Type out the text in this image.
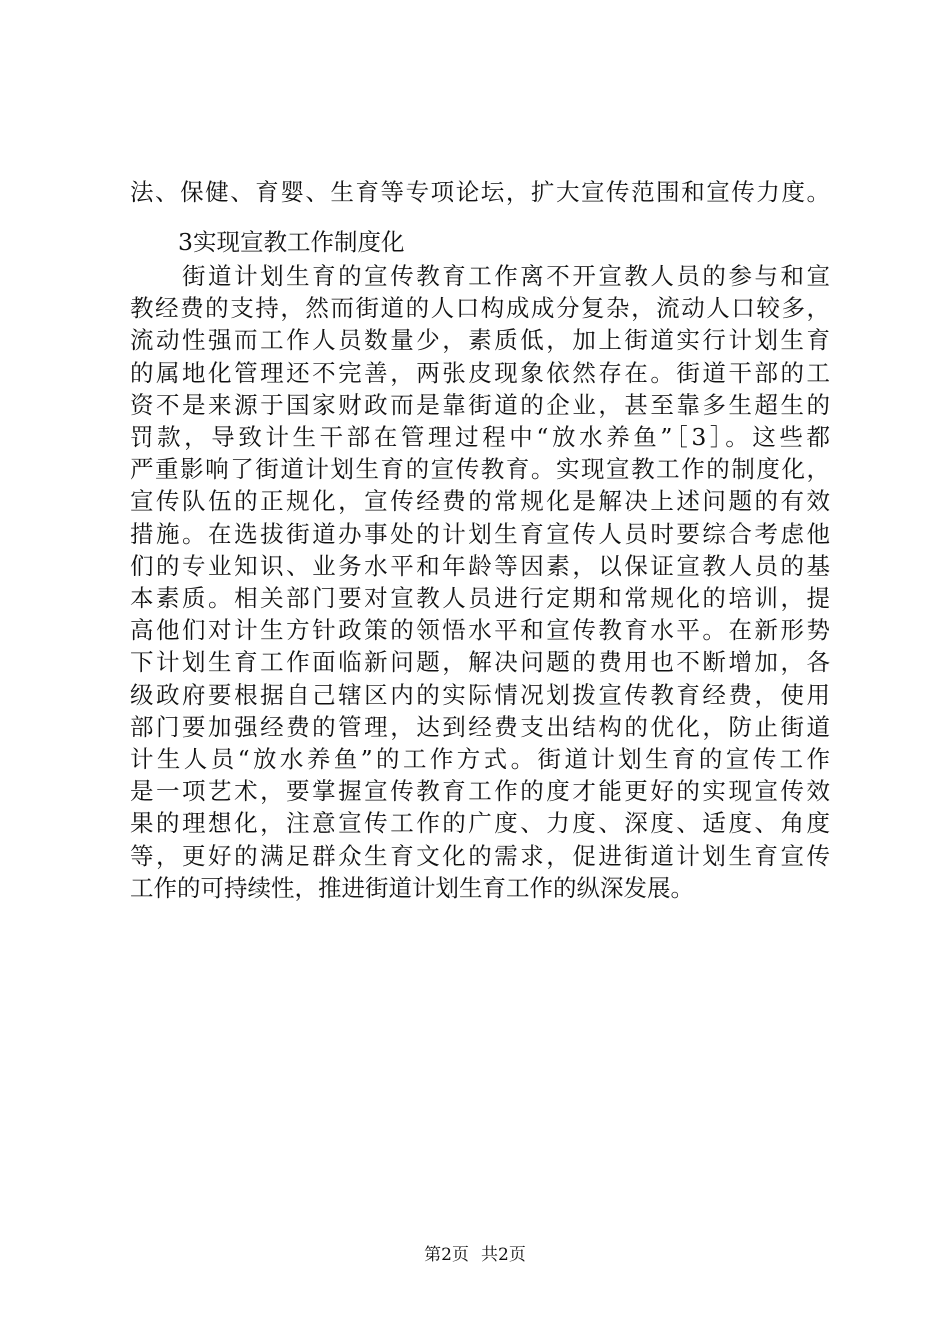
法、保健、育婴、生育等专项论坛，扩大宣传范围和宣传力度。
3实现宣教工作制度化
　　街道计划生育的宣传教育工作离不开宣教人员的参与和宣
教经费的支持，然而街道的人口构成成分复杂，流动人口较多，
流动性强而工作人员数量少，素质低，加上街道实行计划生育
的属地化管理还不完善，两张皮现象依然存在。街道干部的工
资不是来源于国家财政而是靠街道的企业，甚至靠多生超生的
罚款，导致计生干部在管理过程中“放水养鱼”［3］。这些都
严重影响了街道计划生育的宣传教育。实现宣教工作的制度化，
宣传队伍的正规化，宣传经费的常规化是解决上述问题的有效
措施。在选拔街道办事处的计划生育宣传人员时要综合考虑他
们的专业知识、业务水平和年龄等因素，以保证宣教人员的基
本素质。相关部门要对宣教人员进行定期和常规化的培训，提
高他们对计生方针政策的领悟水平和宣传教育水平。在新形势
下计划生育工作面临新问题，解决问题的费用也不断增加，各
级政府要根据自己辖区内的实际情况划拨宣传教育经费，使用
部门要加强经费的管理，达到经费支出结构的优化，防止街道
计生人员“放水养鱼”的工作方式。街道计划生育的宣传工作
是一项艺术，要掌握宣传教育工作的度才能更好的实现宣传效
果的理想化，注意宣传工作的广度、力度、深度、适度、角度
等，更好的满足群众生育文化的需求，促进街道计划生育宣传
工作的可持续性，推进街道计划生育工作的纵深发展。
第2页 共2页
